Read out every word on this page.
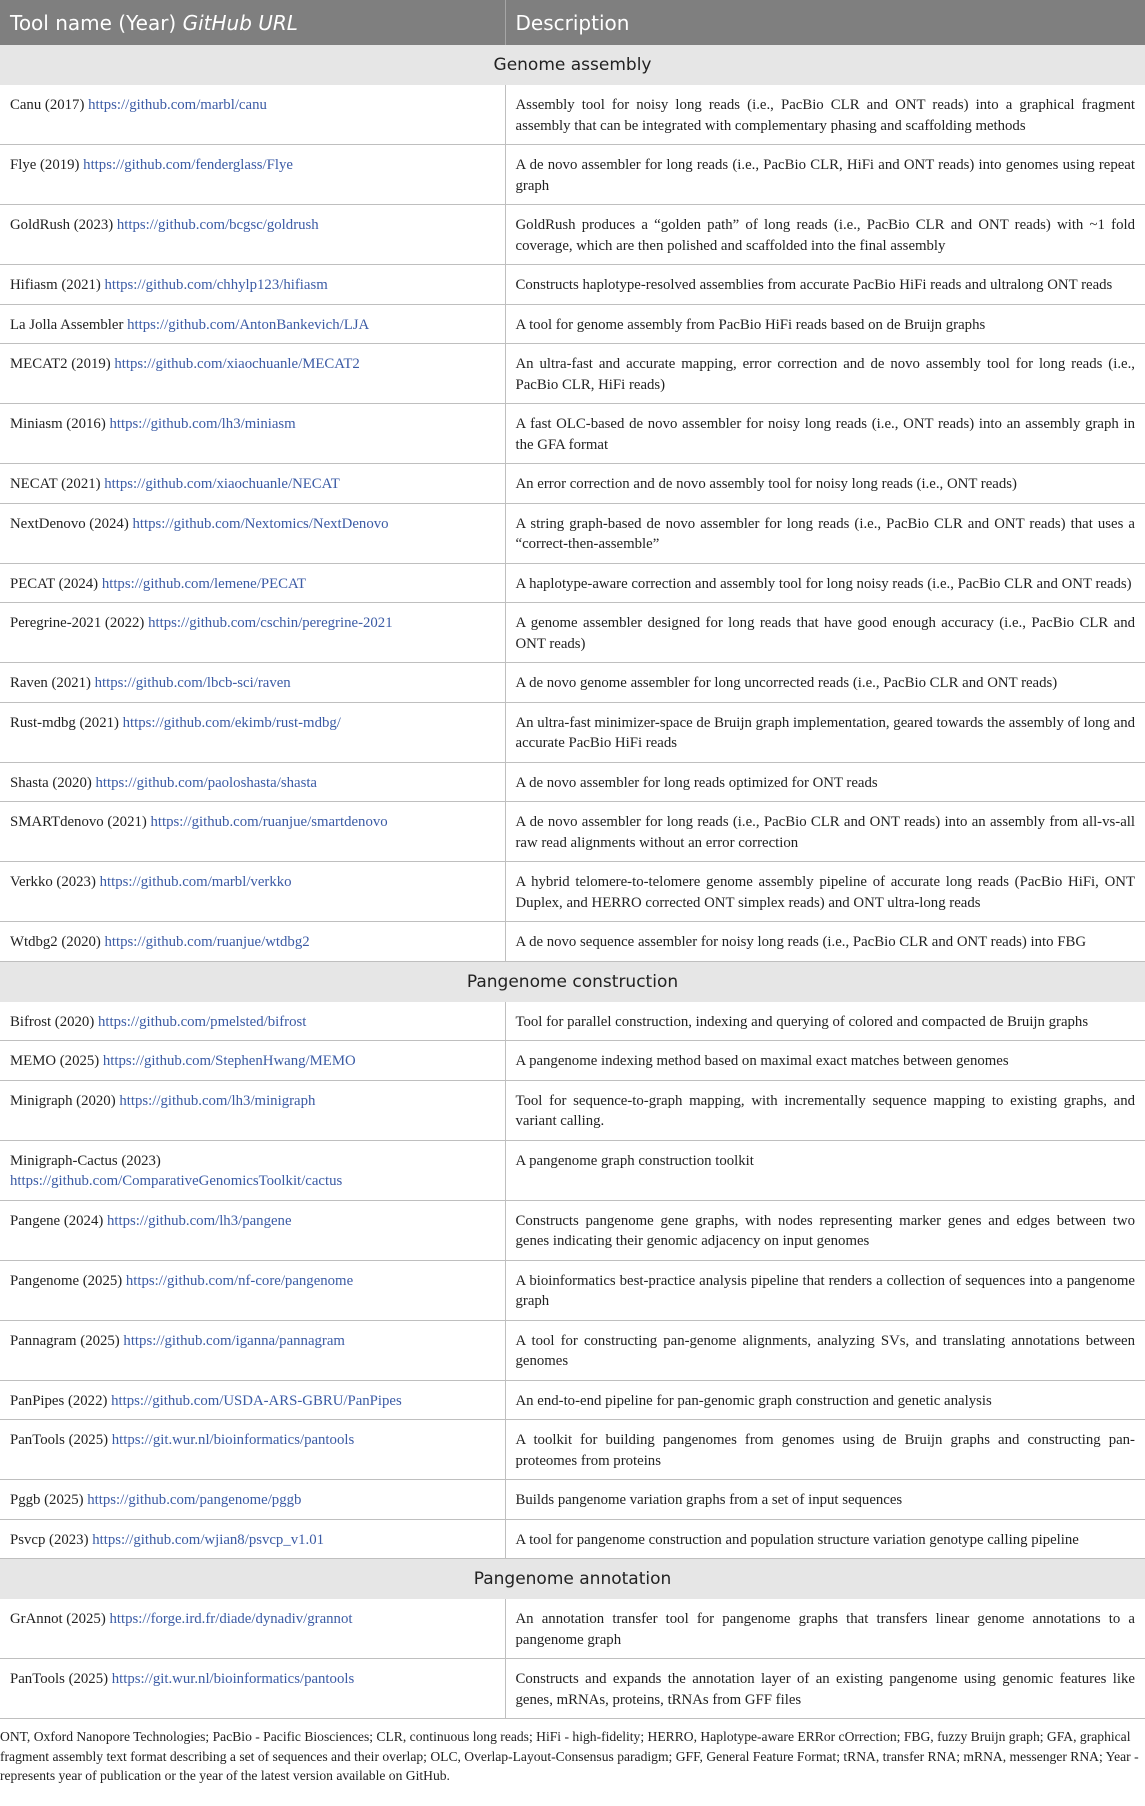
Tool name (Year) GitHub URL	Description
Genome assembly	
Canu (2017) https://github.com/marbl/canu	Assembly tool for noisy long reads (i.e., PacBio CLR and ONT reads) into a graphical fragment assembly that can be integrated with complementary phasing and scaffolding methods
Flye (2019) https://github.com/fenderglass/Flye	A de novo assembler for long reads (i.e., PacBio CLR, HiFi and ONT reads) into genomes using repeat graph
GoldRush (2023) https://github.com/bcgsc/goldrush	GoldRush produces a “golden path” of long reads (i.e., PacBio CLR and ONT reads) with ~1 fold coverage, which are then polished and scaffolded into the final assembly
Hifiasm (2021) https://github.com/chhylp123/hifiasm	Constructs haplotype-resolved assemblies from accurate PacBio HiFi reads and ultralong ONT reads
La Jolla Assembler https://github.com/AntonBankevich/LJA	A tool for genome assembly from PacBio HiFi reads based on de Bruijn graphs
MECAT2 (2019) https://github.com/xiaochuanle/MECAT2	An ultra-fast and accurate mapping, error correction and de novo assembly tool for long reads (i.e., PacBio CLR, HiFi reads)
Miniasm (2016) https://github.com/lh3/miniasm	A fast OLC-based de novo assembler for noisy long reads (i.e., ONT reads) into an assembly graph in the GFA format
NECAT (2021) https://github.com/xiaochuanle/NECAT	An error correction and de novo assembly tool for noisy long reads (i.e., ONT reads)
NextDenovo (2024) https://github.com/Nextomics/NextDenovo	A string graph-based de novo assembler for long reads (i.e., PacBio CLR and ONT reads) that uses a “correct-then-assemble”
PECAT (2024) https://github.com/lemene/PECAT	A haplotype-aware correction and assembly tool for long noisy reads (i.e., PacBio CLR and ONT reads)
Peregrine-2021 (2022) https://github.com/cschin/peregrine-2021	A genome assembler designed for long reads that have good enough accuracy (i.e., PacBio CLR and ONT reads)
Raven (2021) https://github.com/lbcb-sci/raven	A de novo genome assembler for long uncorrected reads (i.e., PacBio CLR and ONT reads)
Rust-mdbg (2021) https://github.com/ekimb/rust-mdbg/	An ultra-fast minimizer-space de Bruijn graph implementation, geared towards the assembly of long and accurate PacBio HiFi reads
Shasta (2020) https://github.com/paoloshasta/shasta	A de novo assembler for long reads optimized for ONT reads
SMARTdenovo (2021) https://github.com/ruanjue/smartdenovo	A de novo assembler for long reads (i.e., PacBio CLR and ONT reads) into an assembly from all-vs-all raw read alignments without an error correction
Verkko (2023) https://github.com/marbl/verkko	A hybrid telomere-to-telomere genome assembly pipeline of accurate long reads (PacBio HiFi, ONT Duplex, and HERRO corrected ONT simplex reads) and ONT ultra-long reads
Wtdbg2 (2020) https://github.com/ruanjue/wtdbg2	A de novo sequence assembler for noisy long reads (i.e., PacBio CLR and ONT reads) into FBG
Pangenome construction	
Bifrost (2020) https://github.com/pmelsted/bifrost	Tool for parallel construction, indexing and querying of colored and compacted de Bruijn graphs
MEMO (2025) https://github.com/StephenHwang/MEMO	A pangenome indexing method based on maximal exact matches between genomes
Minigraph (2020) https://github.com/lh3/minigraph	Tool for sequence-to-graph mapping, with incrementally sequence mapping to existing graphs, and variant calling.
Minigraph-Cactus (2023) https://github.com/ComparativeGenomicsToolkit/cactus	A pangenome graph construction toolkit
Pangene (2024) https://github.com/lh3/pangene	Constructs pangenome gene graphs, with nodes representing marker genes and edges between two genes indicating their genomic adjacency on input genomes
Pangenome (2025) https://github.com/nf-core/pangenome	A bioinformatics best-practice analysis pipeline that renders a collection of sequences into a pangenome graph
Pannagram (2025) https://github.com/iganna/pannagram	A tool for constructing pan-genome alignments, analyzing SVs, and translating annotations between genomes
PanPipes (2022) https://github.com/USDA-ARS-GBRU/PanPipes	An end-to-end pipeline for pan-genomic graph construction and genetic analysis
PanTools (2025) https://git.wur.nl/bioinformatics/pantools	A toolkit for building pangenomes from genomes using de Bruijn graphs and constructing pan-proteomes from proteins
Pggb (2025) https://github.com/pangenome/pggb	Builds pangenome variation graphs from a set of input sequences
Psvcp (2023) https://github.com/wjian8/psvcp_v1.01	A tool for pangenome construction and population structure variation genotype calling pipeline
Pangenome annotation	
GrAnnot (2025) https://forge.ird.fr/diade/dynadiv/grannot	An annotation transfer tool for pangenome graphs that transfers linear genome annotations to a pangenome graph
PanTools (2025) https://git.wur.nl/bioinformatics/pantools	Constructs and expands the annotation layer of an existing pangenome using genomic features like genes, mRNAs, proteins, tRNAs from GFF files
ONT, Oxford Nanopore Technologies; PacBio - Pacific Biosciences; CLR, continuous long reads; HiFi - high-fidelity; HERRO, Haplotype-aware ERRor cOrrection; FBG, fuzzy Bruijn graph; GFA, graphical fragment assembly text format describing a set of sequences and their overlap; OLC, Overlap-Layout-Consensus paradigm; GFF, General Feature Format; tRNA, transfer RNA; mRNA, messenger RNA; Year - represents year of publication or the year of the latest version available on GitHub.
